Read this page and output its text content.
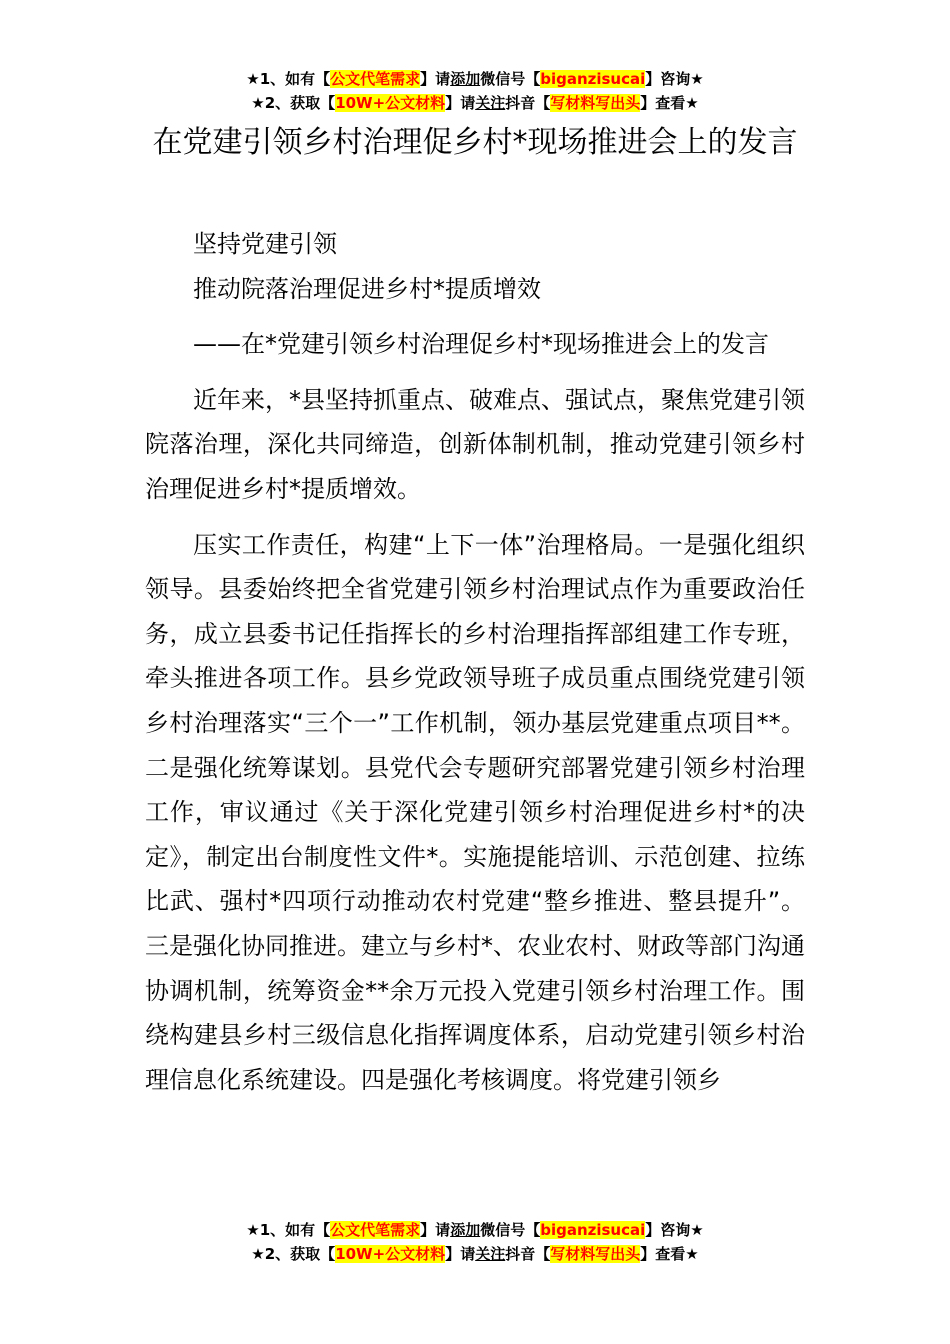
★1、如有【公文代笔需求】请添加微信号【biganzisucai】咨询★
★2、获取【10W+公文材料】请关注抖音【写材料写出头】查看★
在党建引领乡村治理促乡村*现场推进会上的发言

坚持党建引领

推动院落治理促进乡村*提质增效

——在*党建引领乡村治理促乡村*现场推进会上的发言

近年来，*县坚持抓重点、破难点、强试点，聚焦党建引领院落治理，深化共同缔造，创新体制机制，推动党建引领乡村治理促进乡村*提质增效。

压实工作责任，构建“上下一体”治理格局。一是强化组织领导。县委始终把全省党建引领乡村治理试点作为重要政治任务，成立县委书记任指挥长的乡村治理指挥部组建工作专班，牵头推进各项工作。县乡党政领导班子成员重点围绕党建引领乡村治理落实“三个一”工作机制，领办基层党建重点项目**。二是强化统筹谋划。县党代会专题研究部署党建引领乡村治理工作，审议通过《关于深化党建引领乡村治理促进乡村*的决定》，制定出台制度性文件*。实施提能培训、示范创建、拉练比武、强村*四项行动推动农村党建“整乡推进、整县提升”。三是强化协同推进。建立与乡村*、农业农村、财政等部门沟通协调机制，统筹资金**余万元投入党建引领乡村治理工作。围绕构建县乡村三级信息化指挥调度体系，启动党建引领乡村治理信息化系统建设。四是强化考核调度。将党建引领乡

★1、如有【公文代笔需求】请添加微信号【biganzisucai】咨询★
★2、获取【10W+公文材料】请关注抖音【写材料写出头】查看★
